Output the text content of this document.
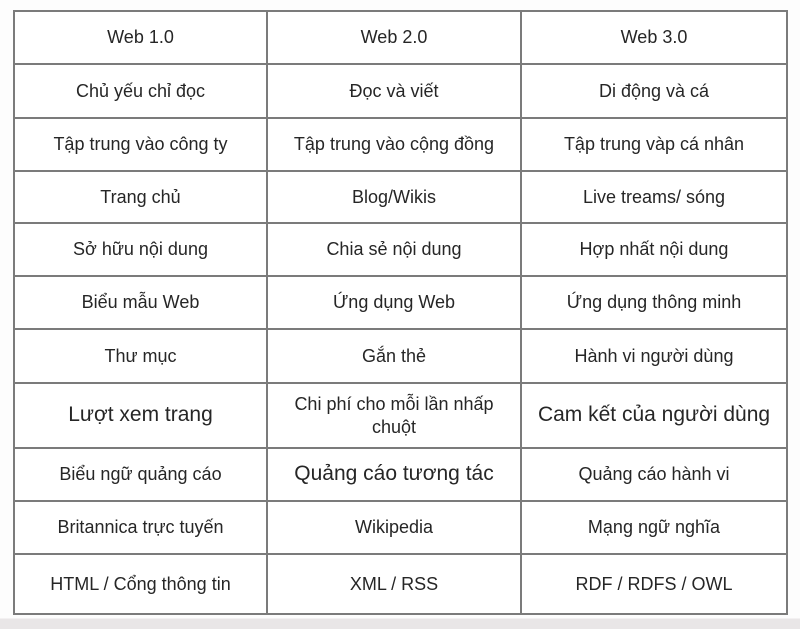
Web 1.0	Web 2.0	Web 3.0
Chủ yếu chỉ đọc	Đọc và viết	Di động và cá
Tập trung vào công ty	Tập trung vào cộng đồng	Tập trung vàp cá nhân
Trang chủ	Blog/Wikis	Live treams/ sóng
Sở hữu nội dung	Chia sẻ nội dung	Hợp nhất nội dung
Biểu mẫu Web	Ứng dụng Web	Ứng dụng thông minh
Thư mục	Gắn thẻ	Hành vi người dùng
Lượt xem trang	Chi phí cho mỗi lần nhấp chuột	Cam kết của người dùng
Biểu ngữ quảng cáo	Quảng cáo tương tác	Quảng cáo hành vi
Britannica trực tuyến	Wikipedia	Mạng ngữ nghĩa
HTML / Cổng thông tin	XML / RSS	RDF / RDFS / OWL
